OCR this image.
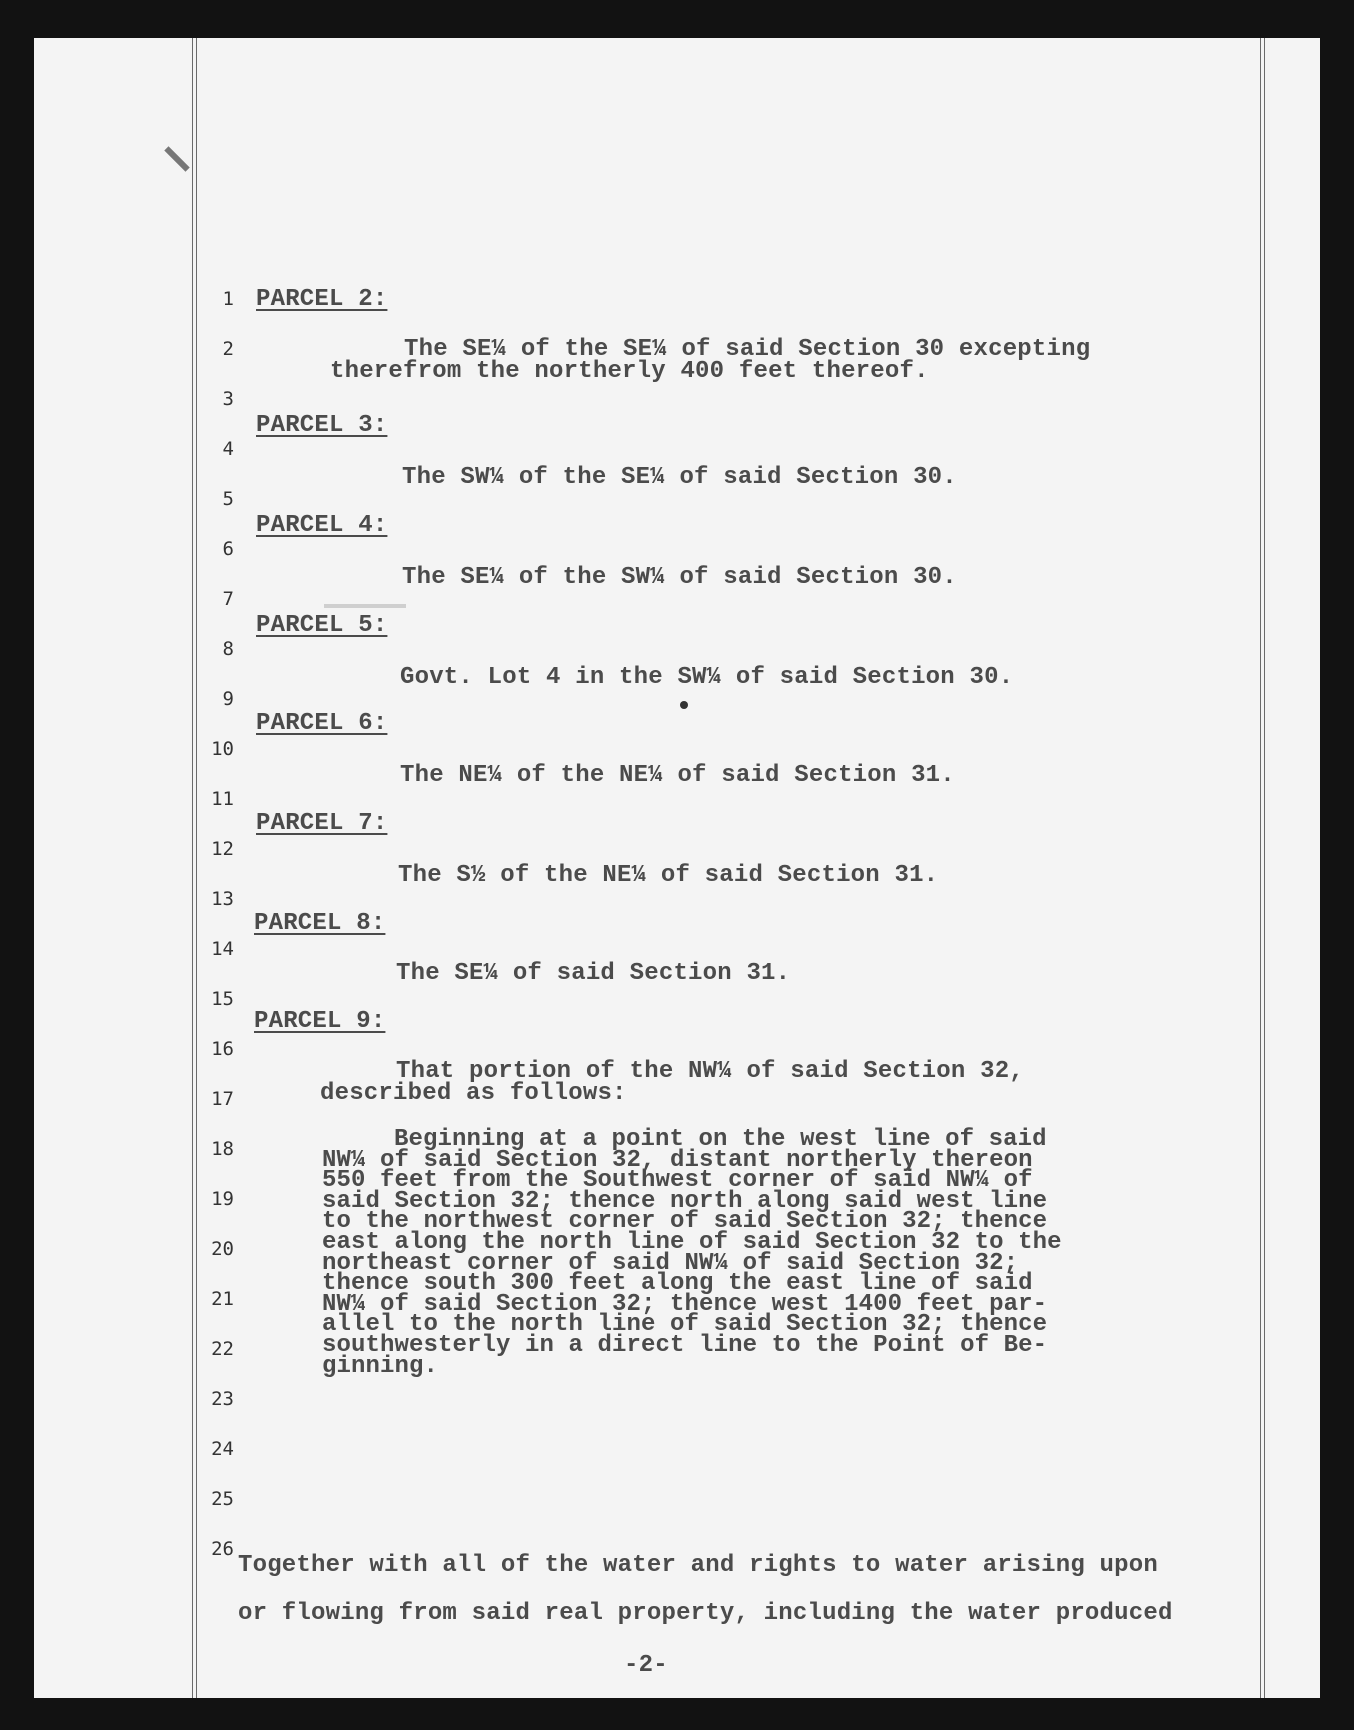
1
2
3
4
5
6
7
8
9
10
11
12
13
14
15
16
17
18
19
20
21
22
23
24
25
26
PARCEL 2:
The SE¼ of the SE¼ of said Section 30 excepting
therefrom the northerly 400 feet thereof.
PARCEL 3:
The SW¼ of the SE¼ of said Section 30.
PARCEL 4:
The SE¼ of the SW¼ of said Section 30.
PARCEL 5:
Govt. Lot 4 in the SW¼ of said Section 30.
PARCEL 6:
The NE¼ of the NE¼ of said Section 31.
PARCEL 7:
The S½ of the NE¼ of said Section 31.
PARCEL 8:
The SE¼ of said Section 31.
PARCEL 9:
That portion of the NW¼ of said Section 32,
described as follows:
Beginning at a point on the west line of said
NW¼ of said Section 32, distant northerly thereon
550 feet from the Southwest corner of said NW¼ of
said Section 32; thence north along said west line
to the northwest corner of said Section 32; thence
east along the north line of said Section 32 to the
northeast corner of said NW¼ of said Section 32;
thence south 300 feet along the east line of said
NW¼ of said Section 32; thence west 1400 feet par-
allel to the north line of said Section 32; thence
southwesterly in a direct line to the Point of Be-
ginning.
Together with all of the water and rights to water arising upon
or flowing from said real property, including the water produced
-2-
